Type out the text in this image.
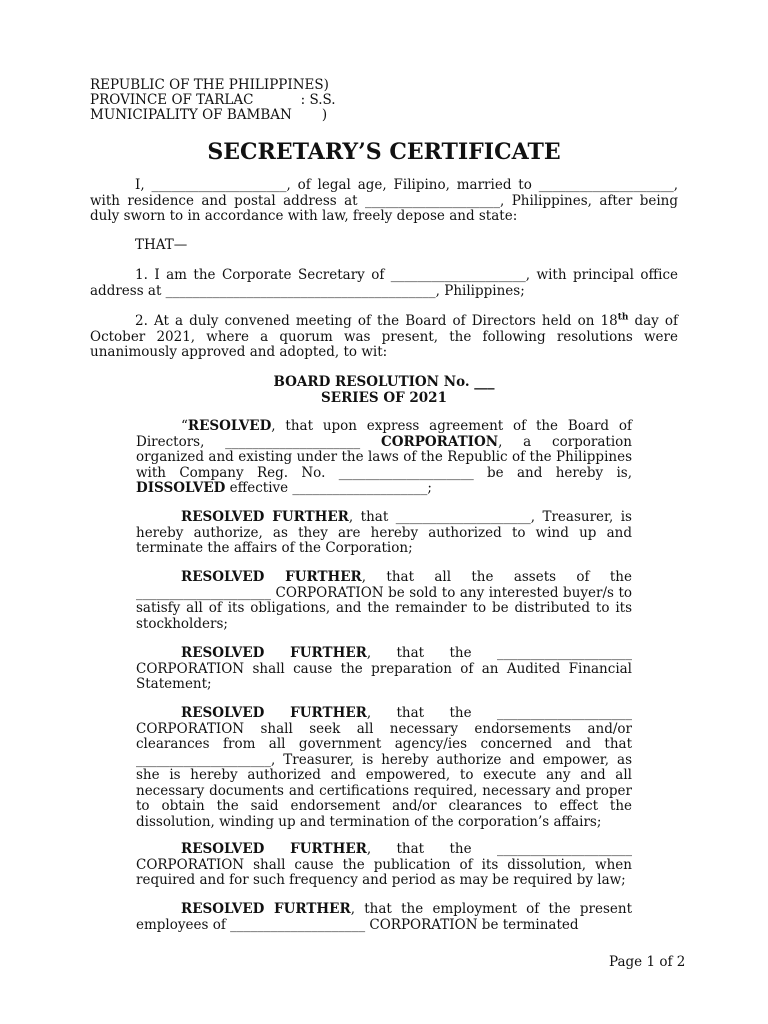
REPUBLIC OF THE PHILIPPINES)
PROVINCE OF TARLAC           : S.S.
MUNICIPALITY OF BAMBAN       )
SECRETARY’S CERTIFICATE

I, ____________________, of legal age, Filipino, married to ____________________, with residence and postal address at ____________________, Philippines, after being duly sworn to in accordance with law, freely depose and state:

THAT—

1. I am the Corporate Secretary of ____________________, with principal office address at ________________________________________, Philippines;

2. At a duly convened meeting of the Board of Directors held on 18th day of October 2021, where a quorum was present, the following resolutions were unanimously approved and adopted, to wit:

BOARD RESOLUTION No. ___
SERIES OF 2021

“RESOLVED, that upon express agreement of the Board of Directors, ____________________ CORPORATION, a corporation organized and existing under the laws of the Republic of the Philippines with Company Reg. No. ____________________ be and hereby is, DISSOLVED effective ____________________;

RESOLVED FURTHER, that ____________________, Treasurer, is hereby authorize, as they are hereby authorized to wind up and terminate the affairs of the Corporation;

RESOLVED FURTHER, that all the assets of the ____________________ CORPORATION be sold to any interested buyer/s to satisfy all of its obligations, and the remainder to be distributed to its stockholders;

RESOLVED FURTHER, that the ____________________ CORPORATION shall cause the preparation of an Audited Financial Statement;

RESOLVED FURTHER, that the ____________________ CORPORATION shall seek all necessary endorsements and/or clearances from all government agency/ies concerned and that ____________________, Treasurer, is hereby authorize and empower, as she is hereby authorized and empowered, to execute any and all necessary documents and certifications required, necessary and proper to obtain the said endorsement and/or clearances to effect the dissolution, winding up and termination of the corporation’s affairs;

RESOLVED FURTHER, that the ____________________ CORPORATION shall cause the publication of its dissolution, when required and for such frequency and period as may be required by law;

RESOLVED FURTHER, that the employment of the present employees of ____________________ CORPORATION be terminated

Page 1 of 2
